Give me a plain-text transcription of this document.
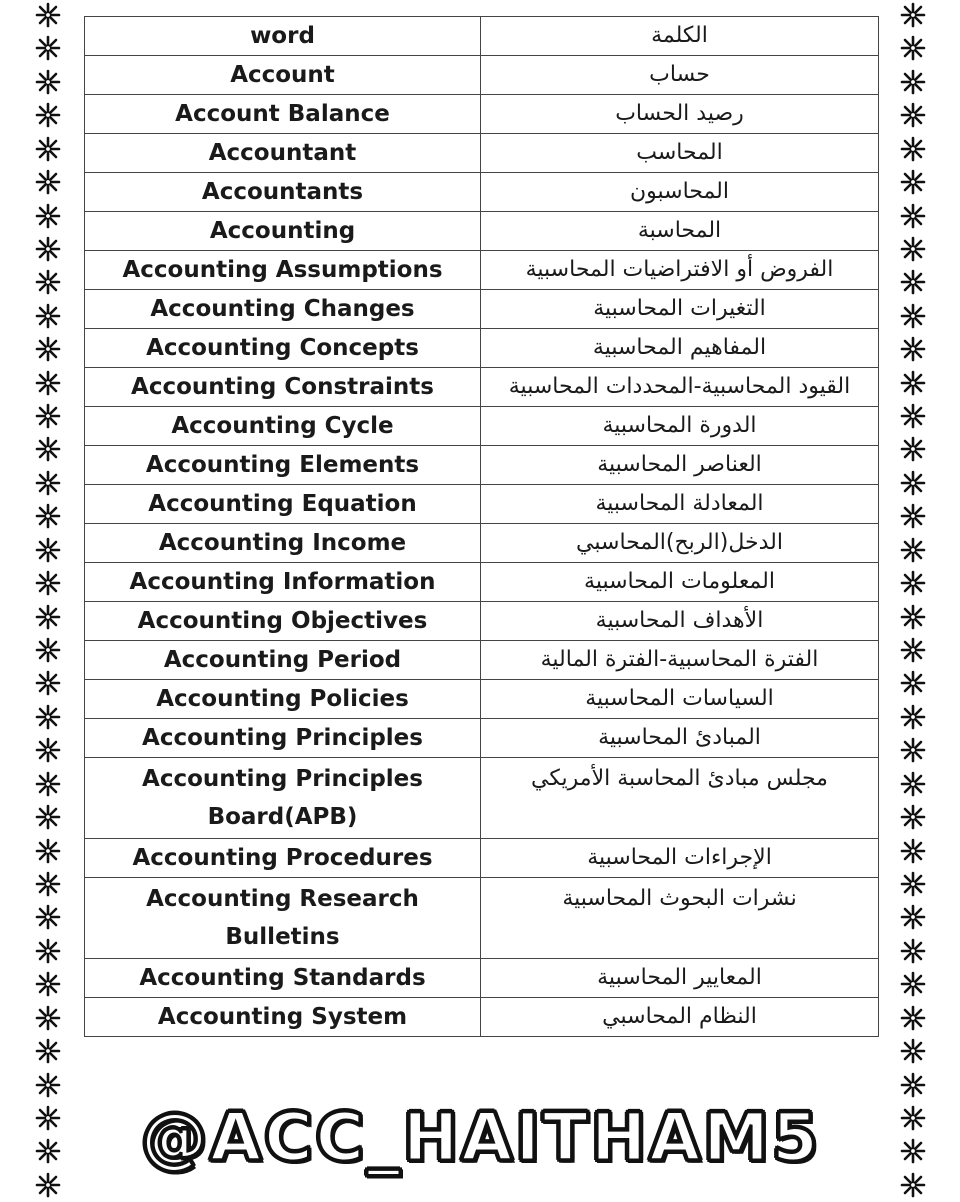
word	الكلمة
Account	حساب
Account Balance	رصيد الحساب
Accountant	المحاسب
Accountants	المحاسبون
Accounting	المحاسبة
Accounting Assumptions	الفروض أو الافتراضيات المحاسبية
Accounting Changes	التغيرات المحاسبية
Accounting Concepts	المفاهيم المحاسبية
Accounting Constraints	القيود المحاسبية-المحددات المحاسبية
Accounting Cycle	الدورة المحاسبية
Accounting Elements	العناصر المحاسبية
Accounting Equation	المعادلة المحاسبية
Accounting Income	الدخل(الربح)المحاسبي
Accounting Information	المعلومات المحاسبية
Accounting Objectives	الأهداف المحاسبية
Accounting Period	الفترة المحاسبية-الفترة المالية
Accounting Policies	السياسات المحاسبية
Accounting Principles	المبادئ المحاسبية
Accounting Principles Board(APB)	مجلس مبادئ المحاسبة الأمريكي
Accounting Procedures	الإجراءات المحاسبية
Accounting Research Bulletins	نشرات البحوث المحاسبية
Accounting Standards	المعايير المحاسبية
Accounting System	النظام المحاسبي
@ACC_HAITHAM5
